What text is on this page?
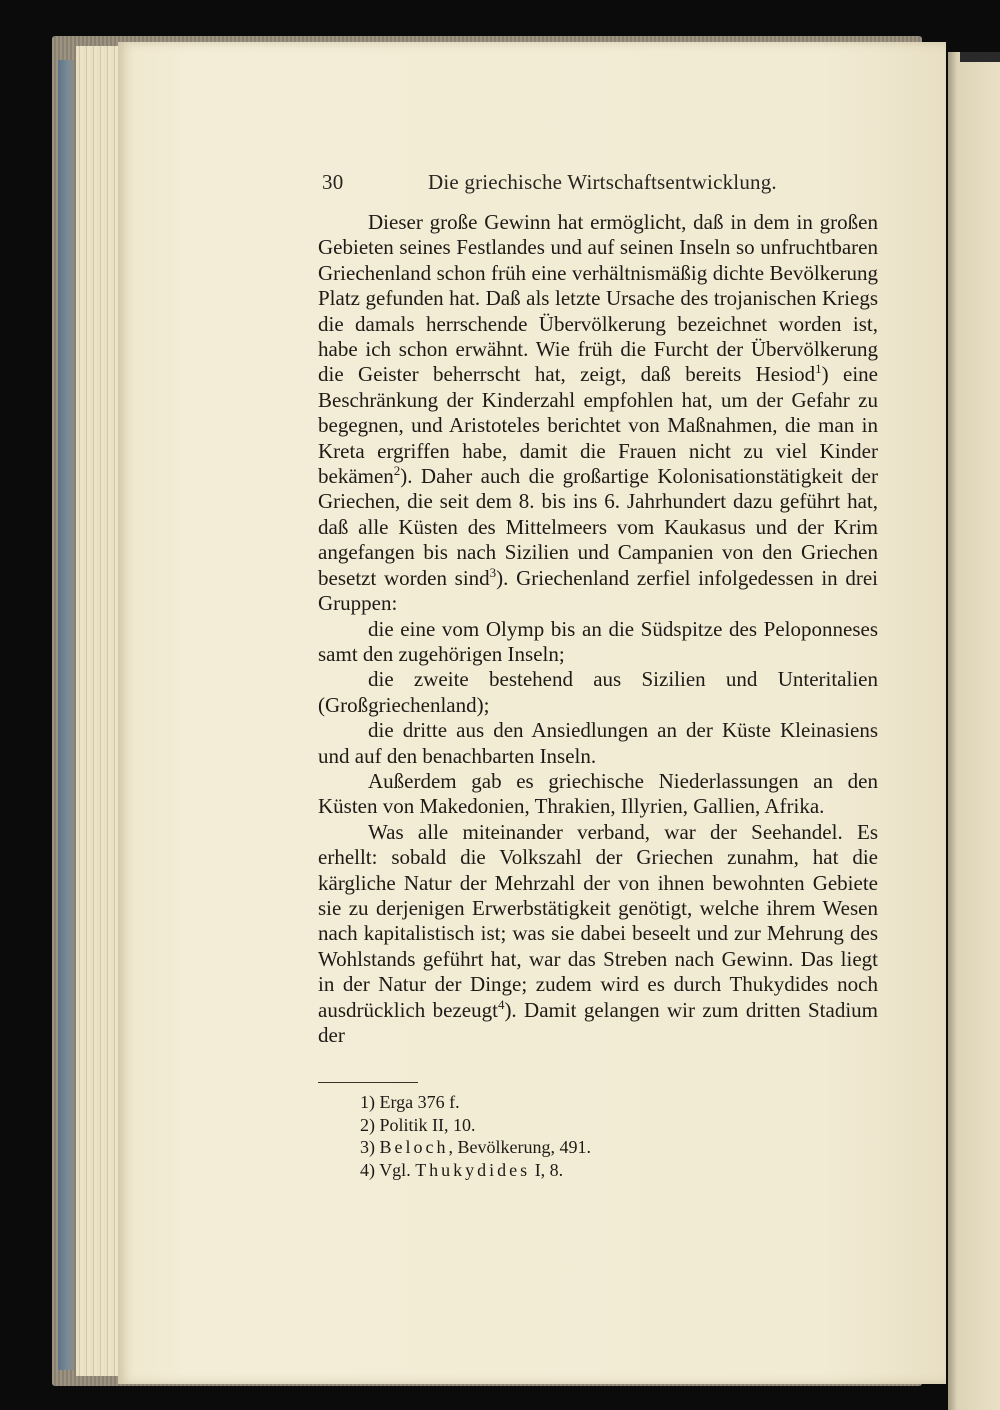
30	Die griechische Wirtschaftsentwicklung.

Dieser große Gewinn hat ermöglicht, daß in dem in großen Gebieten seines Festlandes und auf seinen Inseln so unfruchtbaren Griechenland schon früh eine verhältnismäßig dichte Bevölkerung Platz gefunden hat. Daß als letzte Ursache des trojanischen Kriegs die damals herrschende Übervölkerung bezeichnet worden ist, habe ich schon erwähnt. Wie früh die Furcht der Übervölkerung die Geister beherrscht hat, zeigt, daß bereits Hesiod$^1$) eine Beschränkung der Kinderzahl empfohlen hat, um der Gefahr zu begegnen, und Aristoteles berichtet von Maßnahmen, die man in Kreta ergriffen habe, damit die Frauen nicht zu viel Kinder bekämen$^2$). Daher auch die großartige Kolonisationstätigkeit der Griechen, die seit dem 8. bis ins 6. Jahrhundert dazu geführt hat, daß alle Küsten des Mittelmeers vom Kaukasus und der Krim angefangen bis nach Sizilien und Campanien von den Griechen besetzt worden sind$^3$). Griechenland zerfiel infolgedessen in drei Gruppen:

die eine vom Olymp bis an die Südspitze des Peloponneses samt den zugehörigen Inseln;

die zweite bestehend aus Sizilien und Unteritalien (Großgriechenland);

die dritte aus den Ansiedlungen an der Küste Kleinasiens und auf den benachbarten Inseln.

Außerdem gab es griechische Niederlassungen an den Küsten von Makedonien, Thrakien, Illyrien, Gallien, Afrika.

Was alle miteinander verband, war der Seehandel. Es erhellt: sobald die Volkszahl der Griechen zunahm, hat die kärgliche Natur der Mehrzahl der von ihnen bewohnten Gebiete sie zu derjenigen Erwerbstätigkeit genötigt, welche ihrem Wesen nach kapitalistisch ist; was sie dabei beseelt und zur Mehrung des Wohlstands geführt hat, war das Streben nach Gewinn. Das liegt in der Natur der Dinge; zudem wird es durch Thukydides noch ausdrücklich bezeugt$^4$). Damit gelangen wir zum dritten Stadium der

1) Erga 376 f.
2) Politik II, 10.
3) Beloch, Bevölkerung, 491.
4) Vgl. Thukydides I, 8.
